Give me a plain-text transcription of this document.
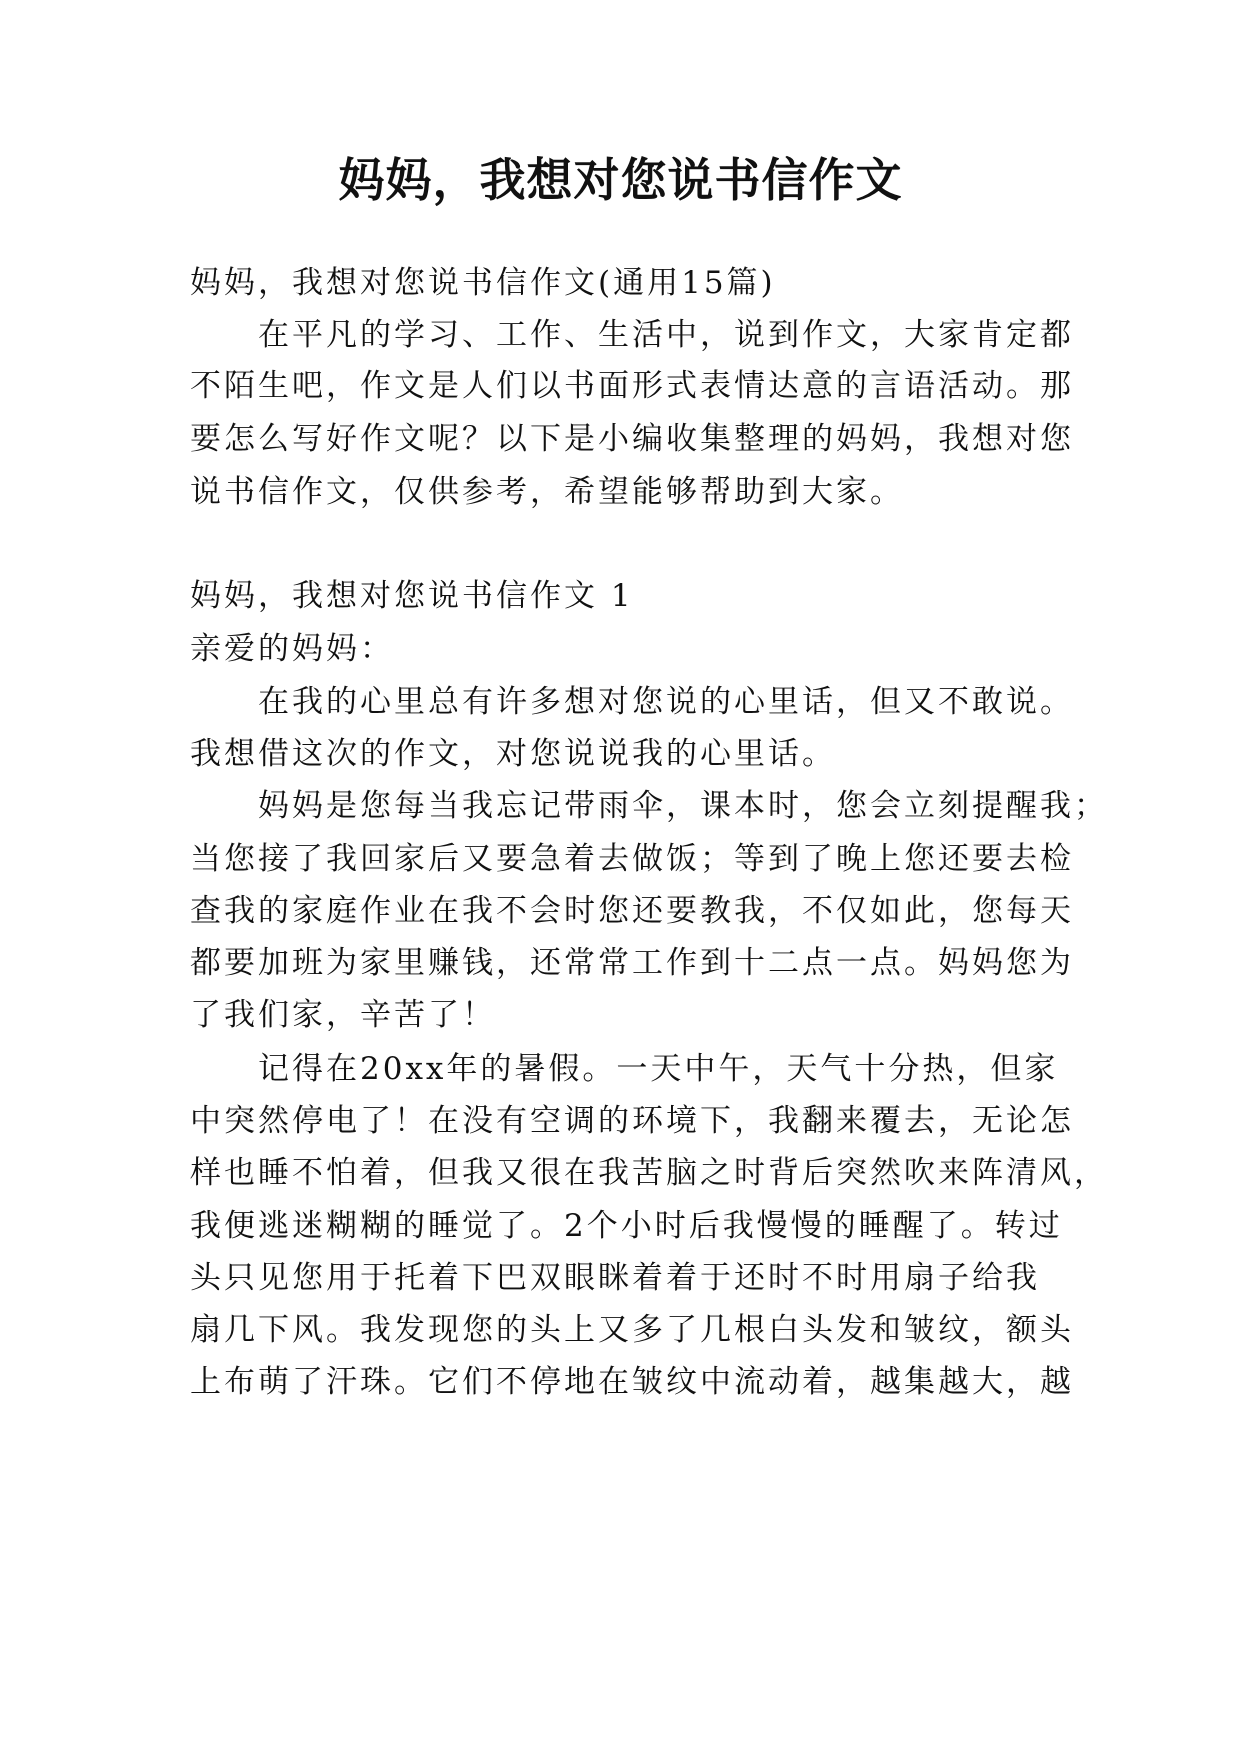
妈妈，我想对您说书信作文
妈妈，我想对您说书信作文(通用15篇)
在平凡的学习、工作、生活中，说到作文，大家肯定都
不陌生吧，作文是人们以书面形式表情达意的言语活动。那
要怎么写好作文呢？以下是小编收集整理的妈妈，我想对您
说书信作文，仅供参考，希望能够帮助到大家。
妈妈，我想对您说书信作文 1
亲爱的妈妈：
在我的心里总有许多想对您说的心里话，但又不敢说。
我想借这次的作文，对您说说我的心里话。
妈妈是您每当我忘记带雨伞，课本时，您会立刻提醒我；
当您接了我回家后又要急着去做饭；等到了晚上您还要去检
查我的家庭作业在我不会时您还要教我，不仅如此，您每天
都要加班为家里赚钱，还常常工作到十二点一点。妈妈您为
了我们家，辛苦了！
记得在20xx年的暑假。一天中午，天气十分热，但家
中突然停电了！在没有空调的环境下，我翻来覆去，无论怎
样也睡不怕着，但我又很在我苦脑之时背后突然吹来阵清风，
我便逃迷糊糊的睡觉了。2个小时后我慢慢的睡醒了。转过
头只见您用于托着下巴双眼眯着着于还时不时用扇子给我
扇几下风。我发现您的头上又多了几根白头发和皱纹，额头
上布萌了汗珠。它们不停地在皱纹中流动着，越集越大，越
